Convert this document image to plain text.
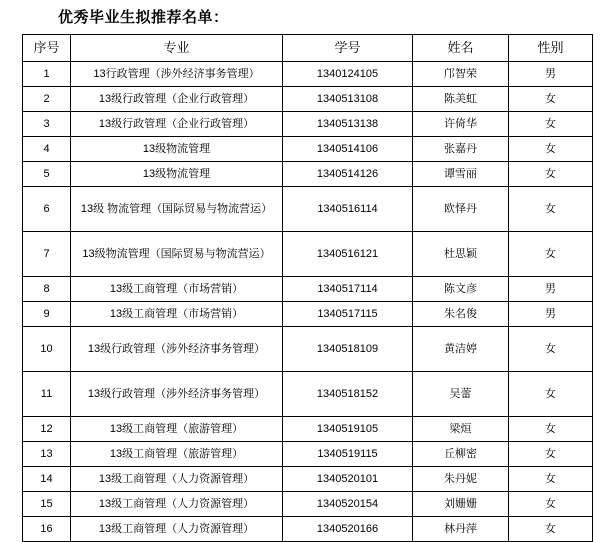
优秀毕业生拟推荐名单：
序号	专业	学号	姓名	性别
1	13行政管理（涉外经济事务管理）	1340124105	邝智荣	男
2	13级行政管理（企业行政管理）	1340513108	陈美虹	女
3	13级行政管理（企业行政管理）	1340513138	许倚华	女
4	13级物流管理	1340514106	张嘉丹	女
5	13级物流管理	1340514126	谭雪丽	女
6	13级 物流管理（国际贸易与物流营运）	1340516114	欧怿丹	女
7	13级物流管理（国际贸易与物流营运）	1340516121	杜思颖	女
8	13级工商管理（市场营销）	1340517114	陈文彦	男
9	13级工商管理（市场营销）	1340517115	朱名俊	男
10	13级行政管理（涉外经济事务管理）	1340518109	黄洁婷	女
11	13级行政管理（涉外经济事务管理）	1340518152	吴蕾	女
12	13级工商管理（旅游管理）	1340519105	梁烜	女
13	13级工商管理（旅游管理）	1340519115	丘柳密	女
14	13级工商管理（人力资源管理）	1340520101	朱丹妮	女
15	13级工商管理（人力资源管理）	1340520154	刘姗姗	女
16	13级工商管理（人力资源管理）	1340520166	林丹萍	女
